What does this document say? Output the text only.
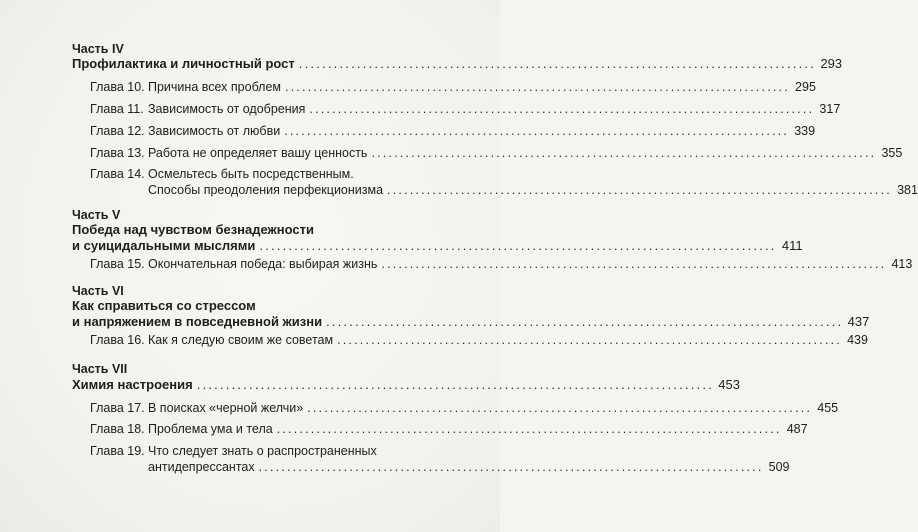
Часть IV
Профилактика и личностный рост ......................................................................................... 293
Глава 10. Причина всех проблем ......................................................................................... 295
Глава 11. Зависимость от одобрения ......................................................................................... 317
Глава 12. Зависимость от любви ......................................................................................... 339
Глава 13. Работа не определяет вашу ценность ......................................................................................... 355
Глава 14. Осмельтесь быть посредственным.
Способы преодоления перфекционизма ......................................................................................... 381
Часть V
Победа над чувством безнадежности
и суицидальными мыслями ......................................................................................... 411
Глава 15. Окончательная победа: выбирая жизнь ......................................................................................... 413
Часть VI
Как справиться со стрессом
и напряжением в повседневной жизни ......................................................................................... 437
Глава 16. Как я следую своим же советам ......................................................................................... 439
Часть VII
Химия настроения ......................................................................................... 453
Глава 17. В поисках «черной желчи» ......................................................................................... 455
Глава 18. Проблема ума и тела ......................................................................................... 487
Глава 19. Что следует знать о распространенных
антидепрессантах ......................................................................................... 509
